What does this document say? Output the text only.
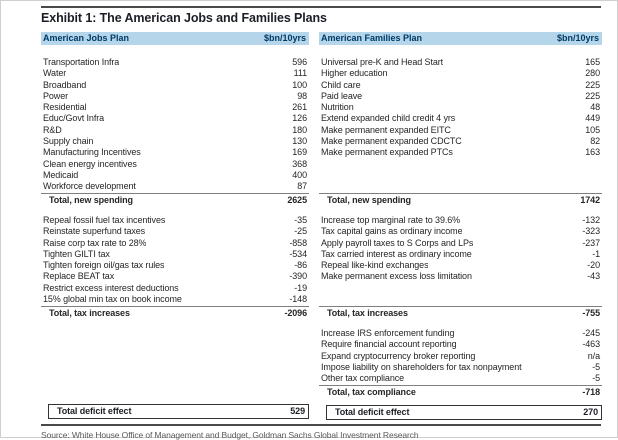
Exhibit 1: The American Jobs and Families Plans
American Jobs Plan	$bn/10yrs
Transportation Infra	596
Water	111
Broadband	100
Power	98
Residential	261
Educ/Govt Infra	126
R&D	180
Supply chain	130
Manufacturing Incentives	169
Clean energy incentives	368
Medicaid	400
Workforce development	87
Total, new spending	2625
Repeal fossil fuel tax incentives	-35
Reinstate superfund taxes	-25
Raise corp tax rate to 28%	-858
Tighten GILTI tax	-534
Tighten foreign oil/gas tax rules	-86
Replace BEAT tax	-390
Restrict excess interest deductions	-19
15% global min tax on book income	-148
Total, tax increases	-2096
Total deficit effect	529
American Families Plan	$bn/10yrs
Universal pre-K and Head Start	165
Higher education	280
Child care	225
Paid leave	225
Nutrition	48
Extend expanded child credit 4 yrs	449
Make permanent expanded EITC	105
Make permanent expanded CDCTC	82
Make permanent expanded PTCs	163
Total, new spending	1742
Increase top marginal rate to 39.6%	-132
Tax capital gains as ordinary income	-323
Apply payroll taxes to S Corps and LPs	-237
Tax carried interest as ordinary income	-1
Repeal like-kind exchanges	-20
Make permanent excess loss limitation	-43
Total, tax increases	-755
Increase IRS enforcement funding	-245
Require financial account reporting	-463
Expand cryptocurrency broker reporting	n/a
Impose liability on shareholders for tax nonpayment	-5
Other tax compliance	-5
Total, tax compliance	-718
Total deficit effect	270
Source: White House Office of Management and Budget, Goldman Sachs Global Investment Research
